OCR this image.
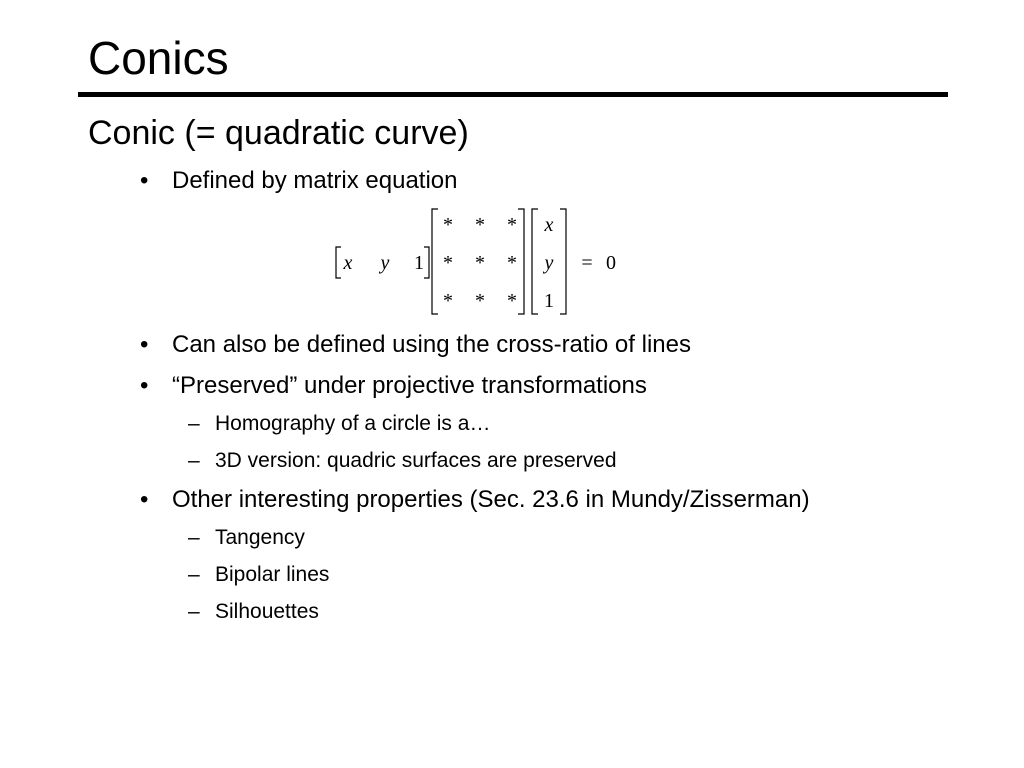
Conics
Conic (= quadratic curve)
• Defined by matrix equation
x y 1
* * *
* * *
* * *
x
y
1
= 0
• Can also be defined using the cross-ratio of lines
• “Preserved” under projective transformations
– Homography of a circle is a…
– 3D version: quadric surfaces are preserved
• Other interesting properties (Sec. 23.6 in Mundy/Zisserman)
– Tangency
– Bipolar lines
– Silhouettes
